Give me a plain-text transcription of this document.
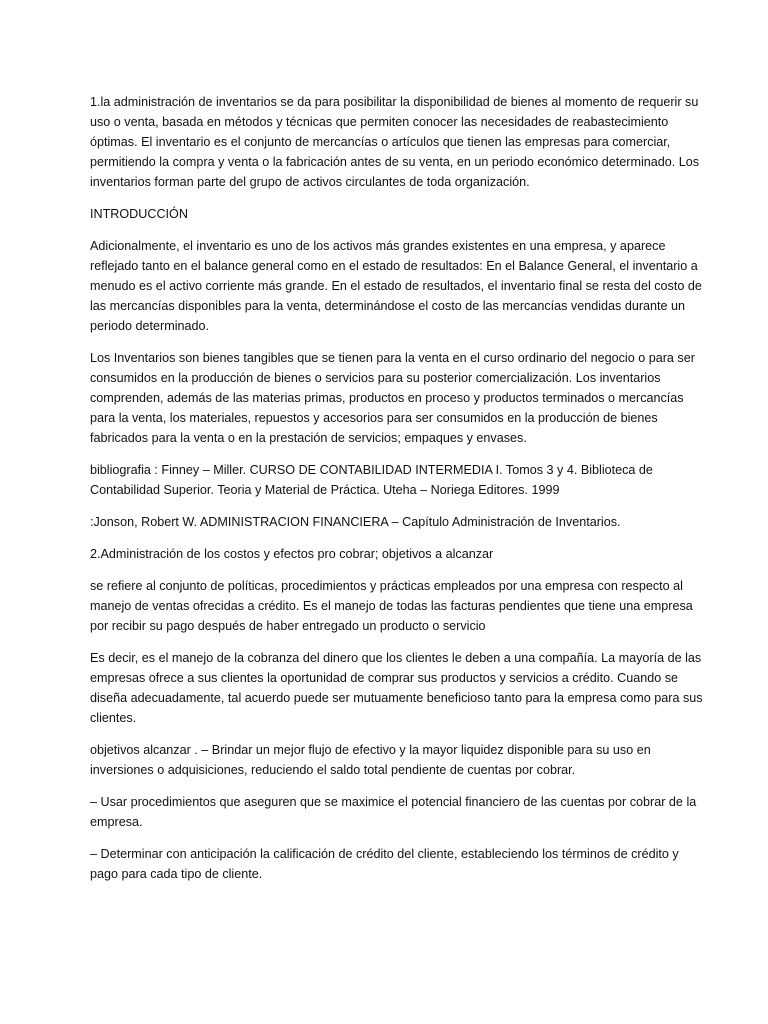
1.la administración de inventarios se da para posibilitar la disponibilidad de bienes al momento de requerir su uso o venta, basada en métodos y técnicas que permiten conocer las necesidades de reabastecimiento óptimas. El inventario es el conjunto de mercancías o artículos que tienen las empresas para comerciar, permitiendo la compra y venta o la fabricación antes de su venta, en un periodo económico determinado. Los inventarios forman parte del grupo de activos circulantes de toda organización.

INTRODUCCIÓN

Adicionalmente, el inventario es uno de los activos más grandes existentes en una empresa, y aparece reflejado tanto en el balance general como en el estado de resultados: En el Balance General, el inventario a menudo es el activo corriente más grande. En el estado de resultados, el inventario final se resta del costo de las mercancías disponibles para la venta, determinándose el costo de las mercancías vendidas durante un periodo determinado.

Los Inventarios son bienes tangibles que se tienen para la venta en el curso ordinario del negocio o para ser consumidos en la producción de bienes o servicios para su posterior comercialización. Los inventarios comprenden, además de las materias primas, productos en proceso y productos terminados o mercancías para la venta, los materiales, repuestos y accesorios para ser consumidos en la producción de bienes fabricados para la venta o en la prestación de servicios; empaques y envases.

bibliografia : Finney – Miller. CURSO DE CONTABILIDAD INTERMEDIA I. Tomos 3 y 4. Biblioteca de Contabilidad Superior. Teoria y Material de Práctica. Uteha – Noriega Editores. 1999

:Jonson, Robert W. ADMINISTRACION FINANCIERA – Capítulo Administración de Inventarios.

2.Administración de los costos y efectos pro cobrar; objetivos a alcanzar

se refiere al conjunto de políticas, procedimientos y prácticas empleados por una empresa con respecto al manejo de ventas ofrecidas a crédito. Es el manejo de todas las facturas pendientes que tiene una empresa por recibir su pago después de haber entregado un producto o servicio

Es decir, es el manejo de la cobranza del dinero que los clientes le deben a una compañía. La mayoría de las empresas ofrece a sus clientes la oportunidad de comprar sus productos y servicios a crédito. Cuando se diseña adecuadamente, tal acuerdo puede ser mutuamente beneficioso tanto para la empresa como para sus clientes.

objetivos alcanzar . – Brindar un mejor flujo de efectivo y la mayor liquidez disponible para su uso en inversiones o adquisiciones, reduciendo el saldo total pendiente de cuentas por cobrar.

– Usar procedimientos que aseguren que se maximice el potencial financiero de las cuentas por cobrar de la empresa.

– Determinar con anticipación la calificación de crédito del cliente, estableciendo los términos de crédito y pago para cada tipo de cliente.
